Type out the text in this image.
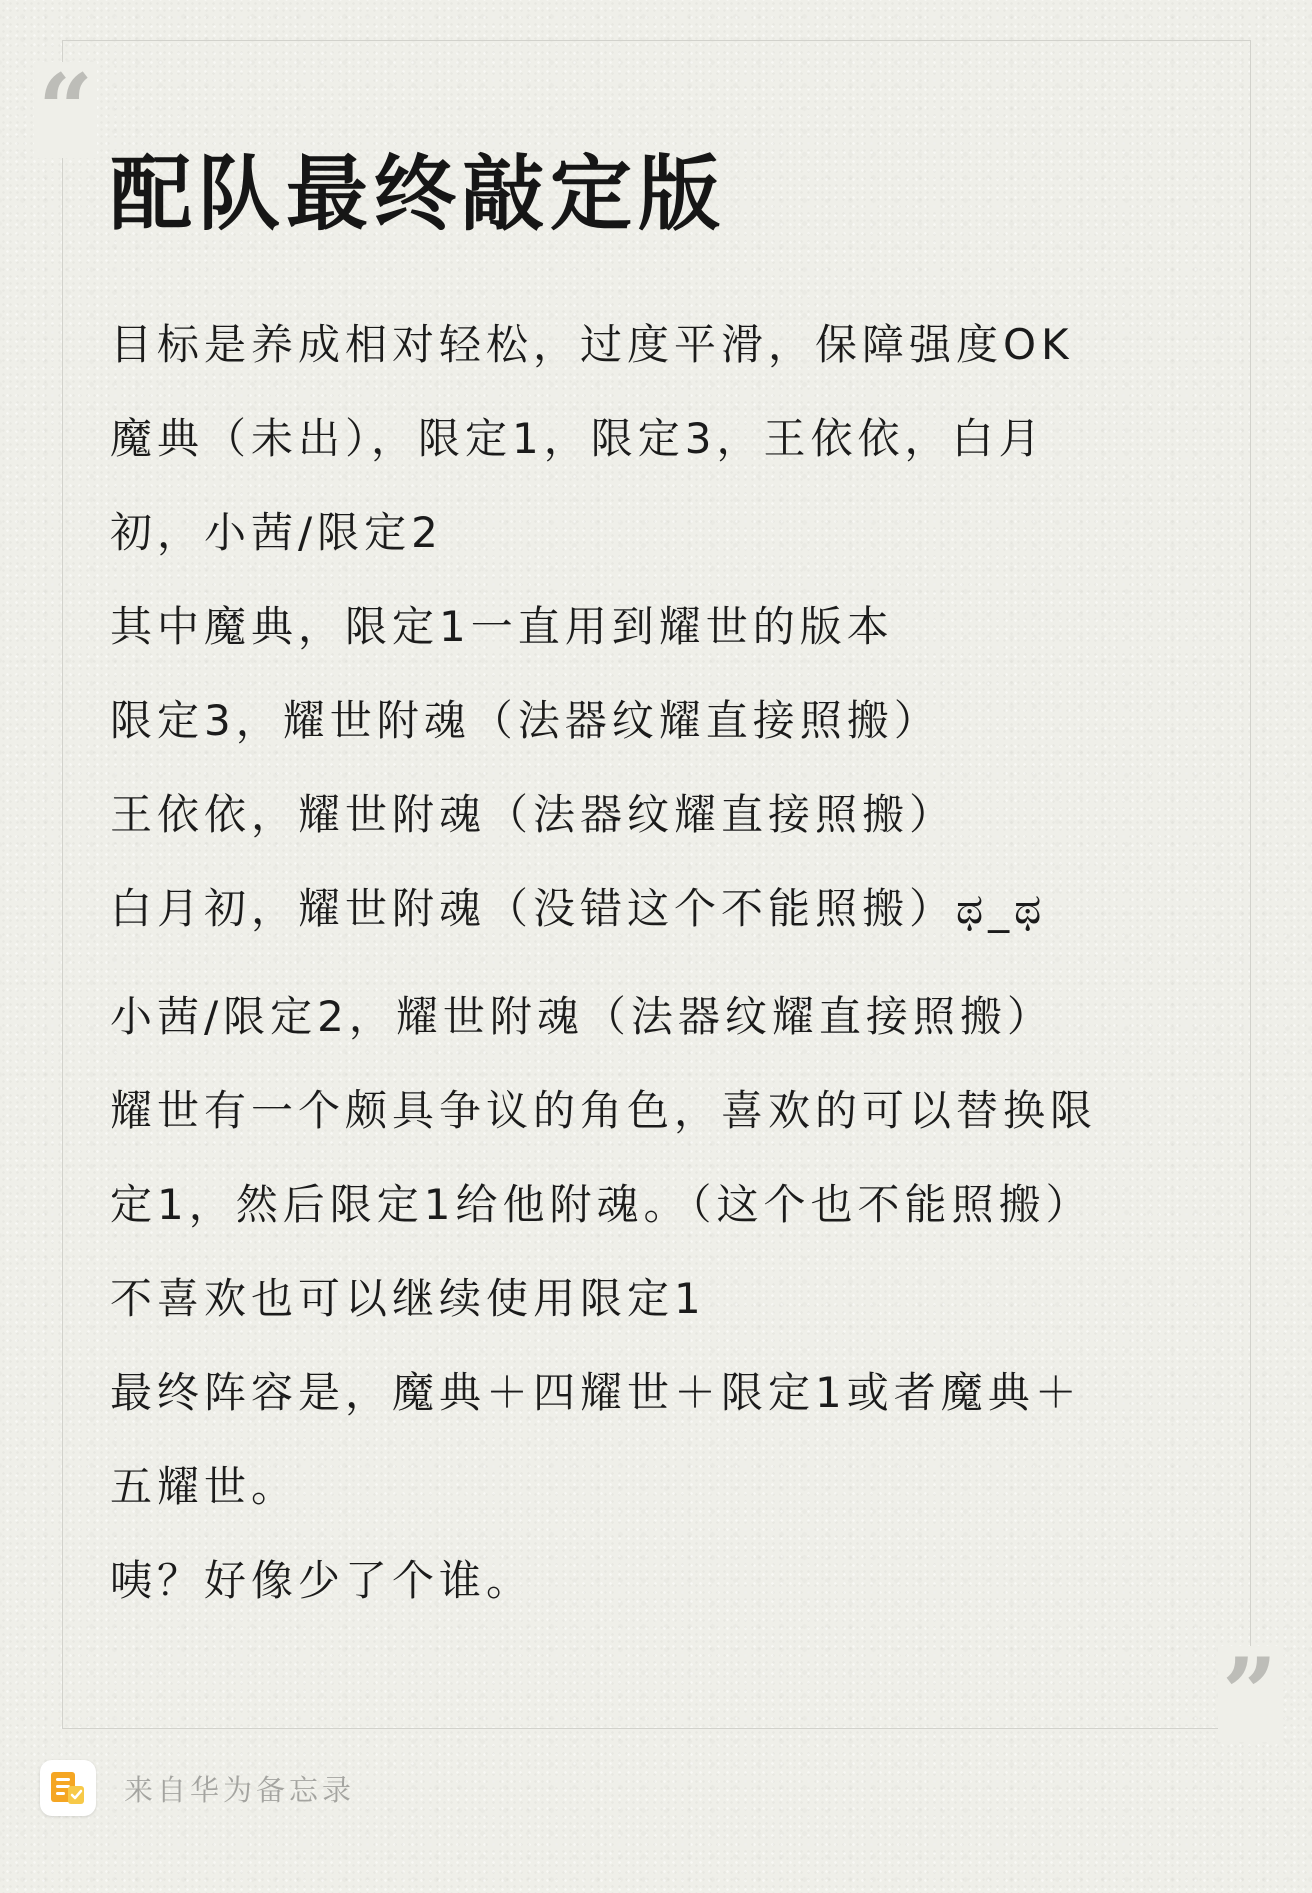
“
”
配队最终敲定版

目标是养成相对轻松，过度平滑，保障强度OK

魔典（未出），限定1，限定3，王依依，白月

初，小茜/限定2

其中魔典，限定1一直用到耀世的版本

限定3，耀世附魂（法器纹耀直接照搬）

王依依，耀世附魂（法器纹耀直接照搬）

白月初，耀世附魂（没错这个不能照搬）ಥ_ಥ

小茜/限定2，耀世附魂（法器纹耀直接照搬）

耀世有一个颇具争议的角色，喜欢的可以替换限

定1，然后限定1给他附魂。（这个也不能照搬）

不喜欢也可以继续使用限定1

最终阵容是，魔典＋四耀世＋限定1或者魔典＋

五耀世。

咦？好像少了个谁。

来自华为备忘录
